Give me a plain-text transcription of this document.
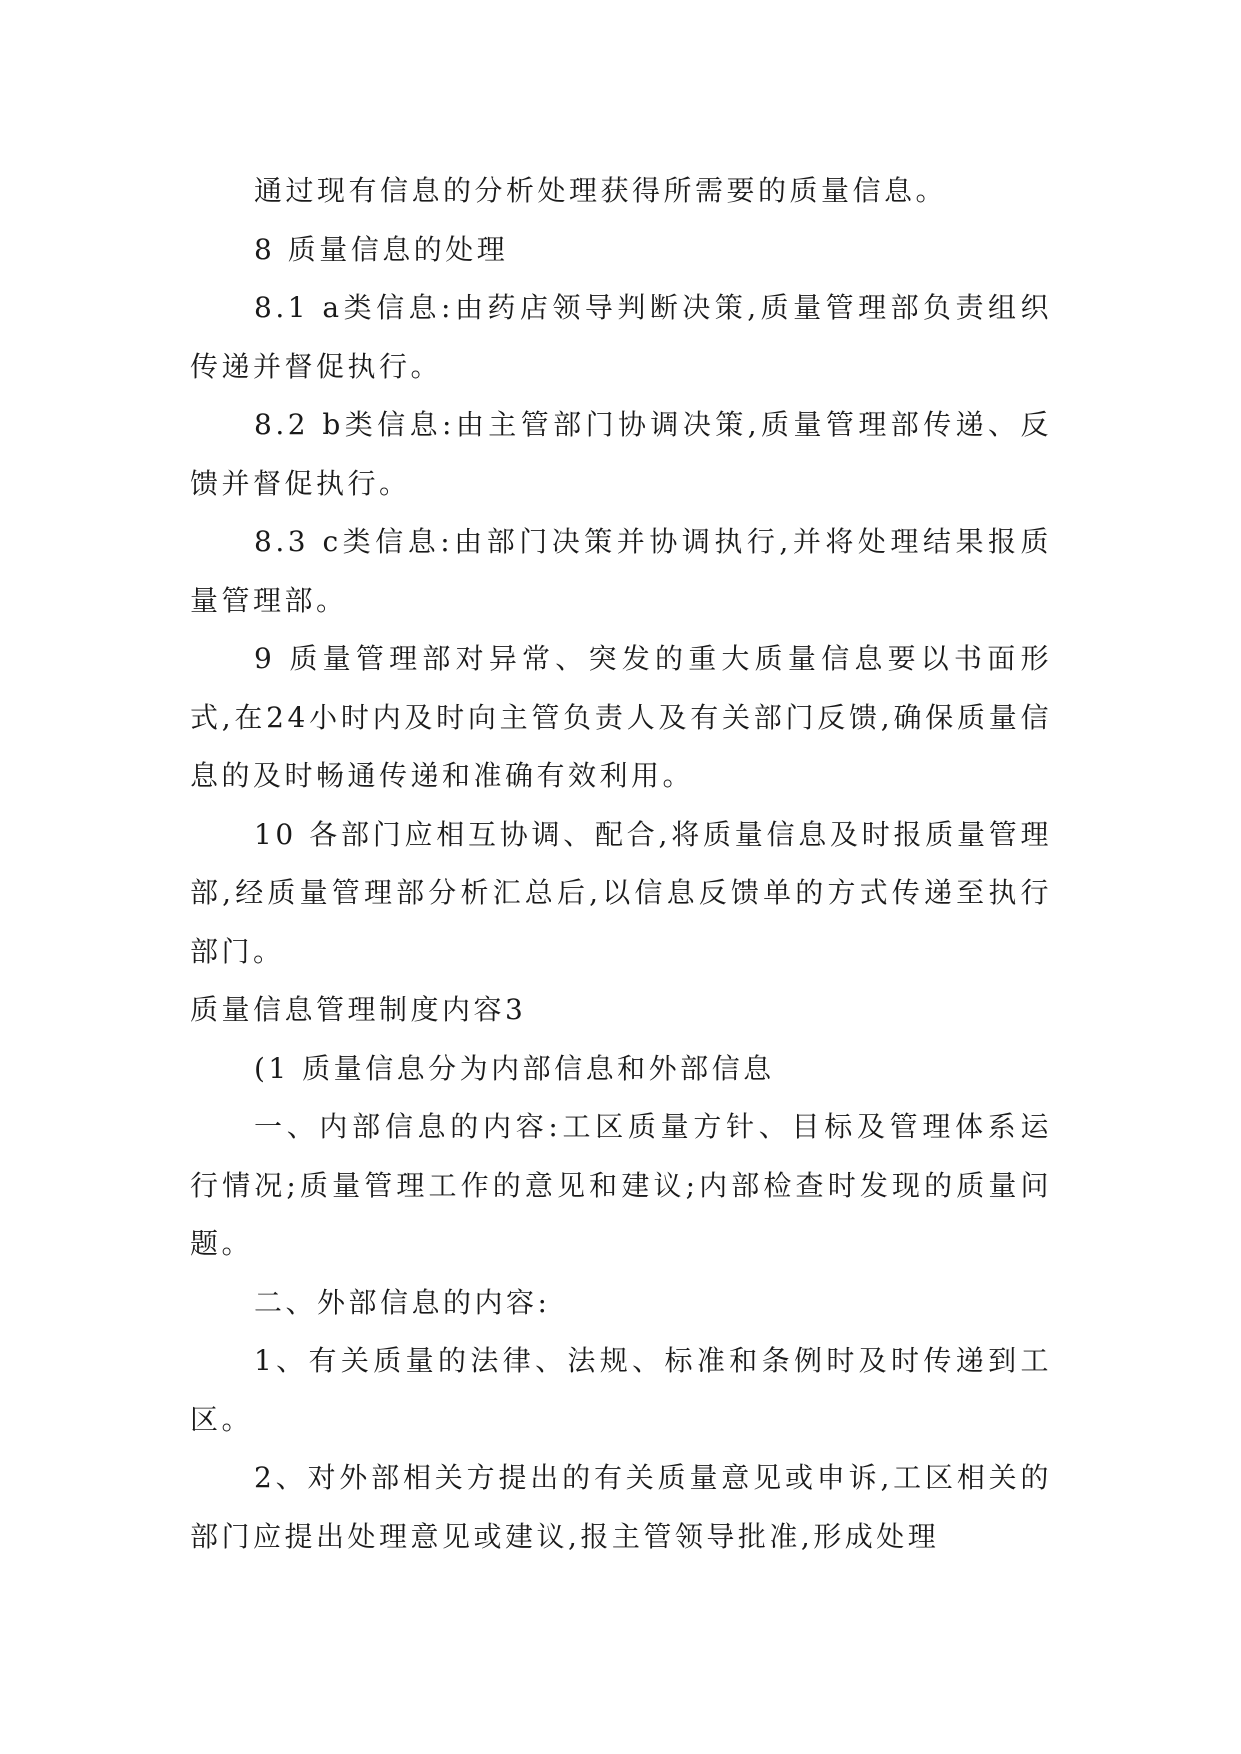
通过现有信息的分析处理获得所需要的质量信息。

8 质量信息的处理

8.1 a类信息:由药店领导判断决策,质量管理部负责组织传递并督促执行。

8.2 b类信息:由主管部门协调决策,质量管理部传递、反馈并督促执行。

8.3 c类信息:由部门决策并协调执行,并将处理结果报质量管理部。

9 质量管理部对异常、突发的重大质量信息要以书面形式,在24小时内及时向主管负责人及有关部门反馈,确保质量信息的及时畅通传递和准确有效利用。

10 各部门应相互协调、配合,将质量信息及时报质量管理部,经质量管理部分析汇总后,以信息反馈单的方式传递至执行部门。

质量信息管理制度内容3

(1 质量信息分为内部信息和外部信息

一、内部信息的内容:工区质量方针、目标及管理体系运行情况;质量管理工作的意见和建议;内部检查时发现的质量问题。

二、外部信息的内容:

1、有关质量的法律、法规、标准和条例时及时传递到工区。

2、对外部相关方提出的有关质量意见或申诉,工区相关的部门应提出处理意见或建议,报主管领导批准,形成处理
